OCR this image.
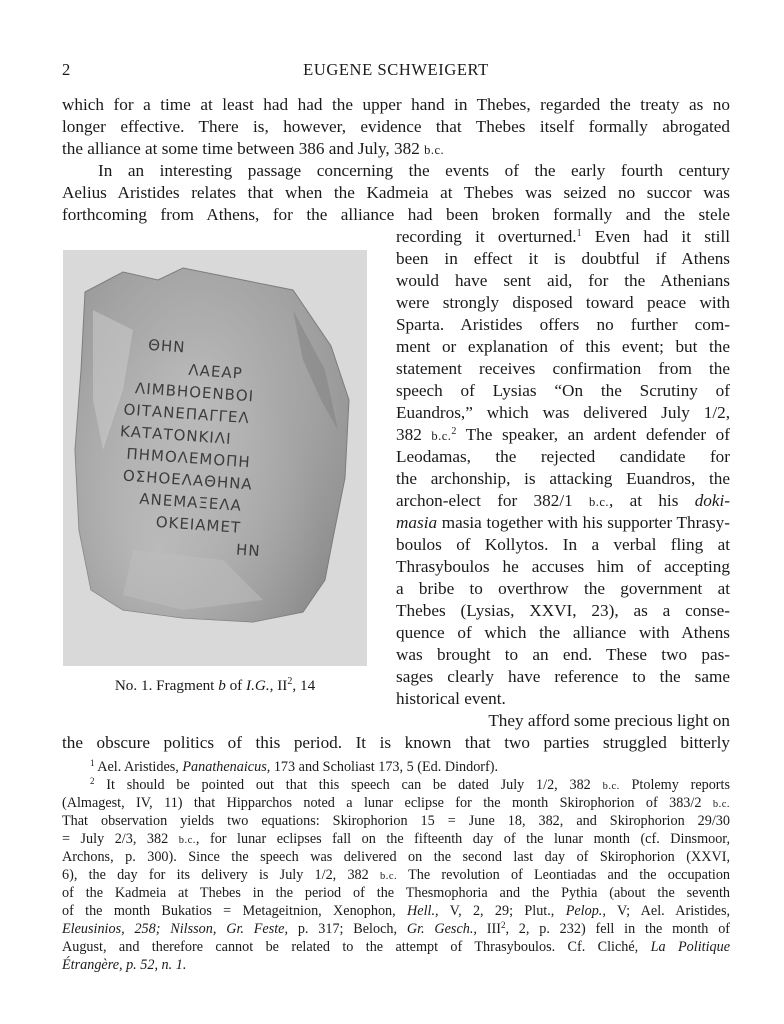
2	EUGENE SCHWEIGERT
which for a time at least had had the upper hand in Thebes, regarded the treaty as no
longer effective. There is, however, evidence that Thebes itself formally abrogated
the alliance at some time between 386 and July, 382 b.c.
In an interesting passage concerning the events of the early fourth century
Aelius Aristides relates that when the Kadmeia at Thebes was seized no succor was
forthcoming from Athens, for the alliance had been broken formally and the stele
recording it overturned.$^1$ Even had it still
been in effect it is doubtful if Athens
would have sent aid, for the Athenians
were strongly disposed toward peace with
Sparta. Aristides offers no further com-
ment or explanation of this event; but the
statement receives confirmation from the
speech of Lysias “On the Scrutiny of
Euandros,” which was delivered July 1/2,
382 b.c.$^2$ The speaker, an ardent defender of
Leodamas, the rejected candidate for
the archonship, is attacking Euandros, the
archon-elect for 382/1 b.c., at his doki-
masia masia together with his supporter Thrasy-
boulos of Kollytos. In a verbal fling at
Thrasyboulos he accuses him of accepting
a bribe to overthrow the government at
Thebes (Lysias, XXVI, 23), as a conse-
quence of which the alliance with Athens
was brought to an end. These two pas-
sages clearly have reference to the same
historical event.
They afford some precious light on
the obscure politics of this period. It is known that two parties struggled bitterly
ΘΗΝ
ΛΑΕΑΡ
ΛΙΜΒΗΟΕΝΒΟΙ
ΟΙΤΑΝΕΠΑΓΓΕΛ
ΚΑΤΑΤΟΝΚΙΛΙ
ΠΗΜΟΛΕΜΟΠΗ
ΟΣΗΟΕΛΑΘΗΝΑ
ΑΝΕΜΑΞΕΛΑ
ΟΚΕΙΑΜΕΤ
ΗΝ
No. 1. Fragment b of I.G., $II^2$, 14
$^1$ Ael. Aristides, Panathenaicus, 173 and Scholiast 173, 5 (Ed. Dindorf).
$^2$ It should be pointed out that this speech can be dated July 1/2, 382 b.c. Ptolemy reports
(Almagest, IV, 11) that Hipparchos noted a lunar eclipse for the month Skirophorion of 383/2 b.c.
That observation yields two equations: Skirophorion 15 = June 18, 382, and Skirophorion 29/30
= July 2/3, 382 b.c., for lunar eclipses fall on the fifteenth day of the lunar month (cf. Dinsmoor,
Archons, p. 300). Since the speech was delivered on the second last day of Skirophorion (XXVI,
6), the day for its delivery is July 1/2, 382 b.c. The revolution of Leontiadas and the occupation
of the Kadmeia at Thebes in the period of the Thesmophoria and the Pythia (about the seventh
of the month Bukatios = Metageitnion, Xenophon, Hell., V, 2, 29; Plut., Pelop., V; Ael. Aristides,
Eleusinios, 258; Nilsson, Gr. Feste, p. 317; Beloch, Gr. Gesch., III$^2$, 2, p. 232) fell in the month of
August, and therefore cannot be related to the attempt of Thrasyboulos. Cf. Cliché, La Politique
Étrangère, p. 52, n. 1.
